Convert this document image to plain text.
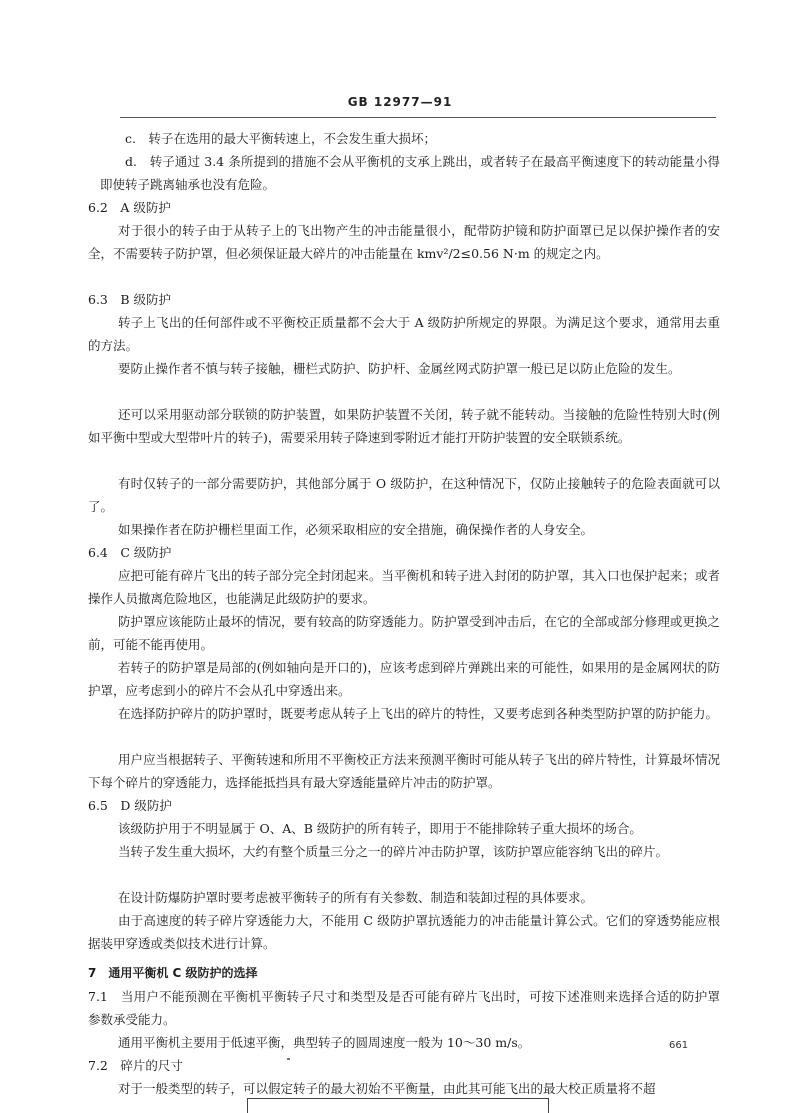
GB 12977—91

c.　转子在选用的最大平衡转速上，不会发生重大损坏；

d.　转子通过 3.4 条所提到的措施不会从平衡机的支承上跳出，或者转子在最高平衡速度下的转动能量小得即使转子跳离轴承也没有危险。

6.2　A 级防护

对于很小的转子由于从转子上的飞出物产生的冲击能量很小，配带防护镜和防护面罩已足以保护操作者的安全，不需要转子防护罩，但必须保证最大碎片的冲击能量在 kmv²/2≤0.56 N·m 的规定之内。

6.3　B 级防护

转子上飞出的任何部件或不平衡校正质量都不会大于 A 级防护所规定的界限。为满足这个要求，通常用去重的方法。

要防止操作者不慎与转子接触，栅栏式防护、防护杆、金属丝网式防护罩一般已足以防止危险的发生。

还可以采用驱动部分联锁的防护装置，如果防护装置不关闭，转子就不能转动。当接触的危险性特别大时(例如平衡中型或大型带叶片的转子)，需要采用转子降速到零附近才能打开防护装置的安全联锁系统。

有时仅转子的一部分需要防护，其他部分属于 O 级防护，在这种情况下，仅防止接触转子的危险表面就可以了。

如果操作者在防护栅栏里面工作，必须采取相应的安全措施，确保操作者的人身安全。

6.4　C 级防护

应把可能有碎片飞出的转子部分完全封闭起来。当平衡机和转子进入封闭的防护罩，其入口也保护起来；或者操作人员撤离危险地区，也能满足此级防护的要求。

防护罩应该能防止最坏的情况，要有较高的防穿透能力。防护罩受到冲击后，在它的全部或部分修理或更换之前，可能不能再使用。

若转子的防护罩是局部的(例如轴向是开口的)，应该考虑到碎片弹跳出来的可能性，如果用的是金属网状的防护罩，应考虑到小的碎片不会从孔中穿透出来。

在选择防护碎片的防护罩时，既要考虑从转子上飞出的碎片的特性，又要考虑到各种类型防护罩的防护能力。

用户应当根据转子、平衡转速和所用不平衡校正方法来预测平衡时可能从转子飞出的碎片特性，计算最坏情况下每个碎片的穿透能力，选择能抵挡具有最大穿透能量碎片冲击的防护罩。

6.5　D 级防护

该级防护用于不明显属于 O、A、B 级防护的所有转子，即用于不能排除转子重大损坏的场合。

当转子发生重大损坏，大约有整个质量三分之一的碎片冲击防护罩，该防护罩应能容纳飞出的碎片。

在设计防爆防护罩时要考虑被平衡转子的所有有关参数、制造和装卸过程的具体要求。

由于高速度的转子碎片穿透能力大，不能用 C 级防护罩抗透能力的冲击能量计算公式。它们的穿透势能应根据装甲穿透或类似技术进行计算。

7　通用平衡机 C 级防护的选择

7.1　当用户不能预测在平衡机平衡转子尺寸和类型及是否可能有碎片飞出时，可按下述准则来选择合适的防护罩参数承受能力。

通用平衡机主要用于低速平衡，典型转子的圆周速度一般为 10～30 m/s。

7.2　碎片的尺寸

对于一般类型的转子，可以假定转子的最大初始不平衡量，由此其可能飞出的最大校正质量将不超

661
